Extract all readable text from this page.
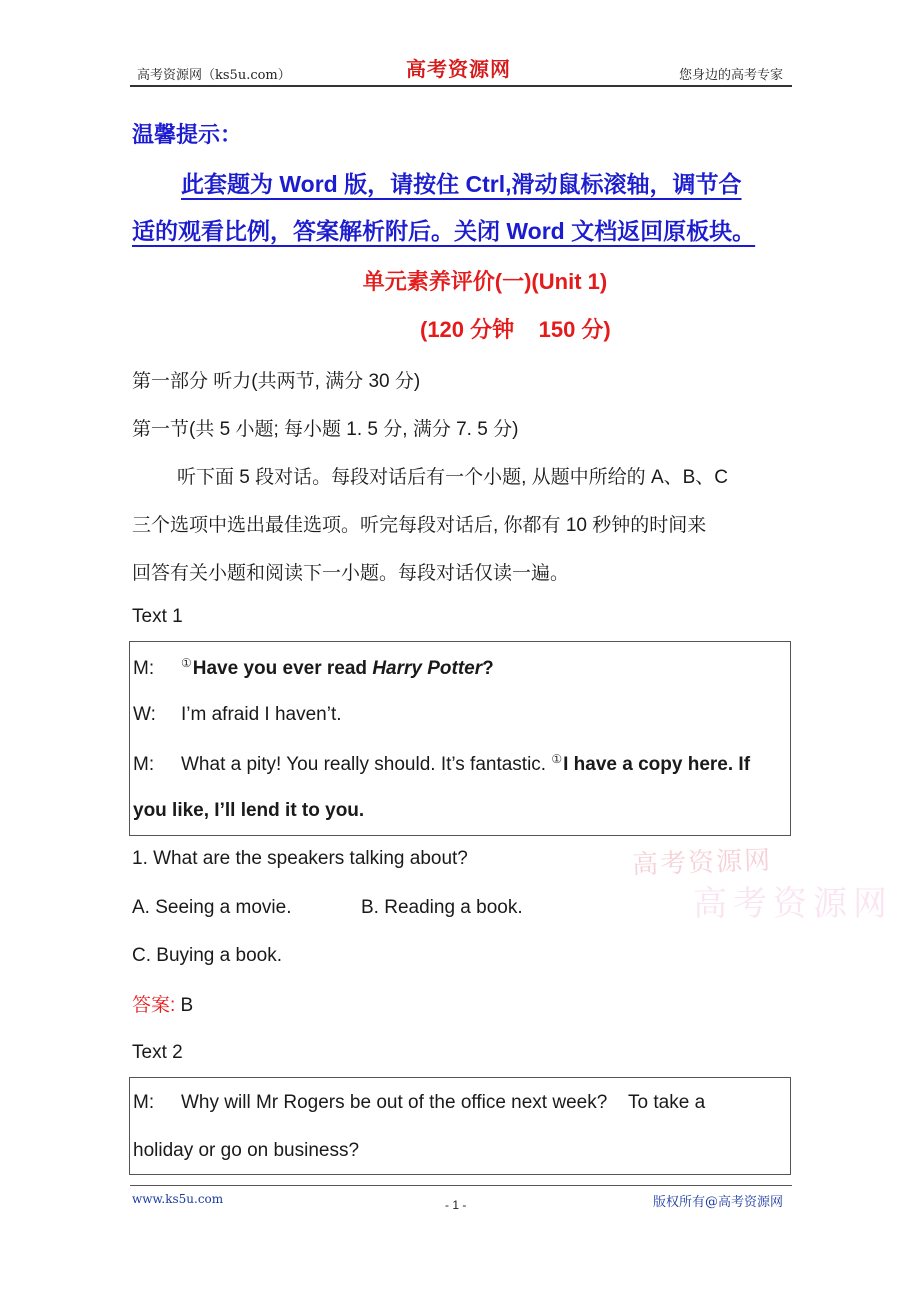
高考资源网（ks5u.com）	高考资源网	您身边的高考专家
温馨提示：
此套题为 Word 版，请按住 Ctrl,滑动鼠标滚轴，调节合
适的观看比例，答案解析附后。关闭 Word 文档返回原板块。
单元素养评价(一)(Unit 1)
(120 分钟    150 分)
第一部分 听力(共两节, 满分 30 分)
第一节(共 5 小题; 每小题 1. 5 分, 满分 7. 5 分)
听下面 5 段对话。每段对话后有一个小题, 从题中所给的 A、B、C
三个选项中选出最佳选项。听完每段对话后, 你都有 10 秒钟的时间来
回答有关小题和阅读下一小题。每段对话仅读一遍。
Text 1
M: ①Have you ever read Harry Potter?
W: I’m afraid I haven’t.
M: What a pity! You really should. It’s fantastic. ①I have a copy here. If
you like, I’ll lend it to you.
1. What are the speakers talking about?
A. Seeing a movie.	B. Reading a book.
C. Buying a book.
答案: B
高考资源网
高考资源网
Text 2
M: Why will Mr Rogers be out of the office next week?    To take a
holiday or go on business?
www.ks5u.com	- 1 -	版权所有@高考资源网
